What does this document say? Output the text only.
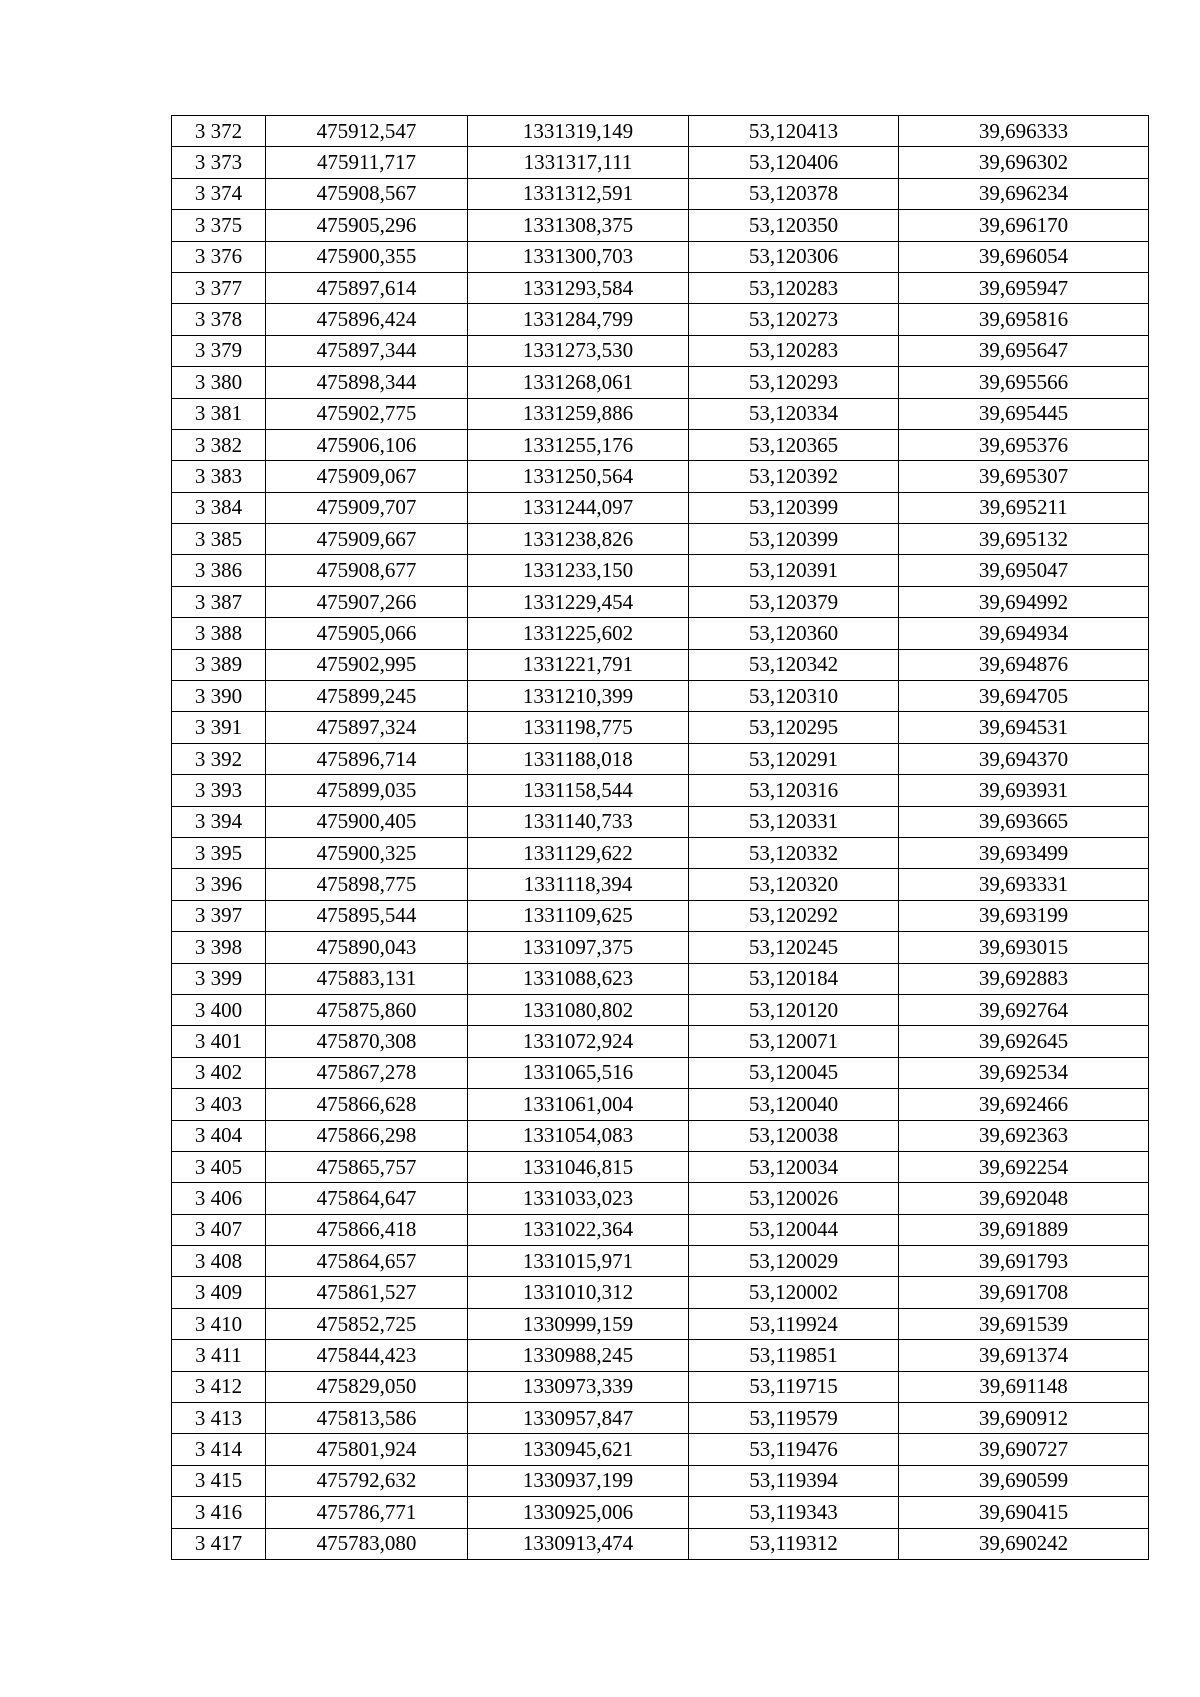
3 372	475912,547	1331319,149	53,120413	39,696333
3 373	475911,717	1331317,111	53,120406	39,696302
3 374	475908,567	1331312,591	53,120378	39,696234
3 375	475905,296	1331308,375	53,120350	39,696170
3 376	475900,355	1331300,703	53,120306	39,696054
3 377	475897,614	1331293,584	53,120283	39,695947
3 378	475896,424	1331284,799	53,120273	39,695816
3 379	475897,344	1331273,530	53,120283	39,695647
3 380	475898,344	1331268,061	53,120293	39,695566
3 381	475902,775	1331259,886	53,120334	39,695445
3 382	475906,106	1331255,176	53,120365	39,695376
3 383	475909,067	1331250,564	53,120392	39,695307
3 384	475909,707	1331244,097	53,120399	39,695211
3 385	475909,667	1331238,826	53,120399	39,695132
3 386	475908,677	1331233,150	53,120391	39,695047
3 387	475907,266	1331229,454	53,120379	39,694992
3 388	475905,066	1331225,602	53,120360	39,694934
3 389	475902,995	1331221,791	53,120342	39,694876
3 390	475899,245	1331210,399	53,120310	39,694705
3 391	475897,324	1331198,775	53,120295	39,694531
3 392	475896,714	1331188,018	53,120291	39,694370
3 393	475899,035	1331158,544	53,120316	39,693931
3 394	475900,405	1331140,733	53,120331	39,693665
3 395	475900,325	1331129,622	53,120332	39,693499
3 396	475898,775	1331118,394	53,120320	39,693331
3 397	475895,544	1331109,625	53,120292	39,693199
3 398	475890,043	1331097,375	53,120245	39,693015
3 399	475883,131	1331088,623	53,120184	39,692883
3 400	475875,860	1331080,802	53,120120	39,692764
3 401	475870,308	1331072,924	53,120071	39,692645
3 402	475867,278	1331065,516	53,120045	39,692534
3 403	475866,628	1331061,004	53,120040	39,692466
3 404	475866,298	1331054,083	53,120038	39,692363
3 405	475865,757	1331046,815	53,120034	39,692254
3 406	475864,647	1331033,023	53,120026	39,692048
3 407	475866,418	1331022,364	53,120044	39,691889
3 408	475864,657	1331015,971	53,120029	39,691793
3 409	475861,527	1331010,312	53,120002	39,691708
3 410	475852,725	1330999,159	53,119924	39,691539
3 411	475844,423	1330988,245	53,119851	39,691374
3 412	475829,050	1330973,339	53,119715	39,691148
3 413	475813,586	1330957,847	53,119579	39,690912
3 414	475801,924	1330945,621	53,119476	39,690727
3 415	475792,632	1330937,199	53,119394	39,690599
3 416	475786,771	1330925,006	53,119343	39,690415
3 417	475783,080	1330913,474	53,119312	39,690242
